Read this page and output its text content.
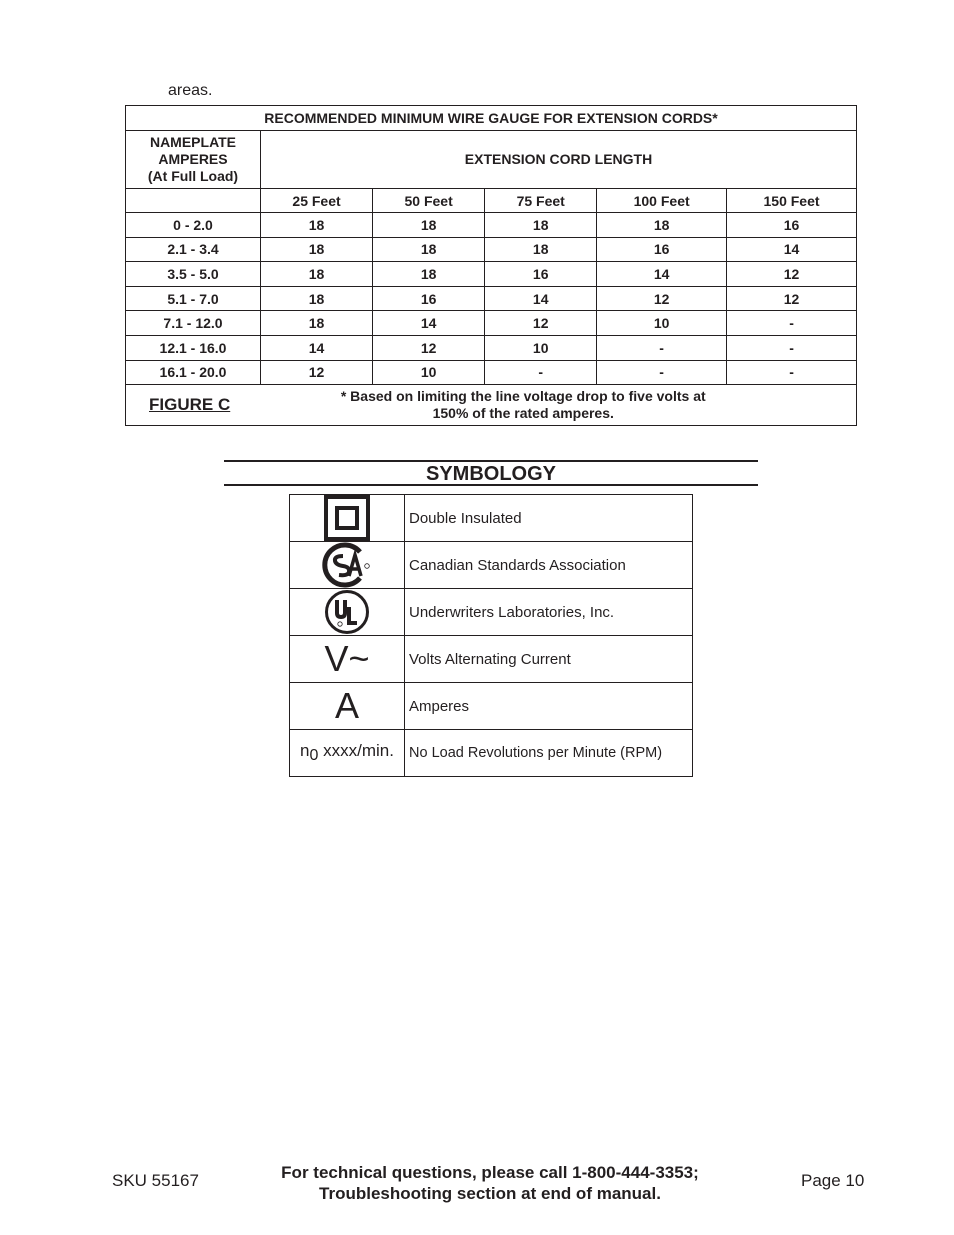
areas.
RECOMMENDED MINIMUM WIRE GAUGE FOR EXTENSION CORDS*					

NAMEPLATE
AMPERES
(At Full Load)	EXTENSION CORD LENGTH				
	25 Feet	50 Feet	75 Feet	100 Feet	150 Feet
0 - 2.0	18	18	18	18	16
2.1 - 3.4	18	18	18	16	14
3.5 - 5.0	18	18	16	14	12
5.1 - 7.0	18	16	14	12	12
7.1 - 12.0	18	14	12	10	-
12.1 - 16.0	14	12	10	-	-
16.1 - 20.0	12	10	-	-	-
FIGURE C	* Based on limiting the line voltage drop to five volts at
150% of the rated amperes.				
SYMBOLOGY
	Double Insulated
	Canadian Standards Association
	Underwriters Laboratories, Inc.
V~	Volts Alternating Current
A	Amperes
$n_0$ xxxx/min.	No Load Revolutions per Minute (RPM)
SKU 55167	For technical questions, please call 1-800-444-3353;
Troubleshooting section at end of manual.
Page 10
